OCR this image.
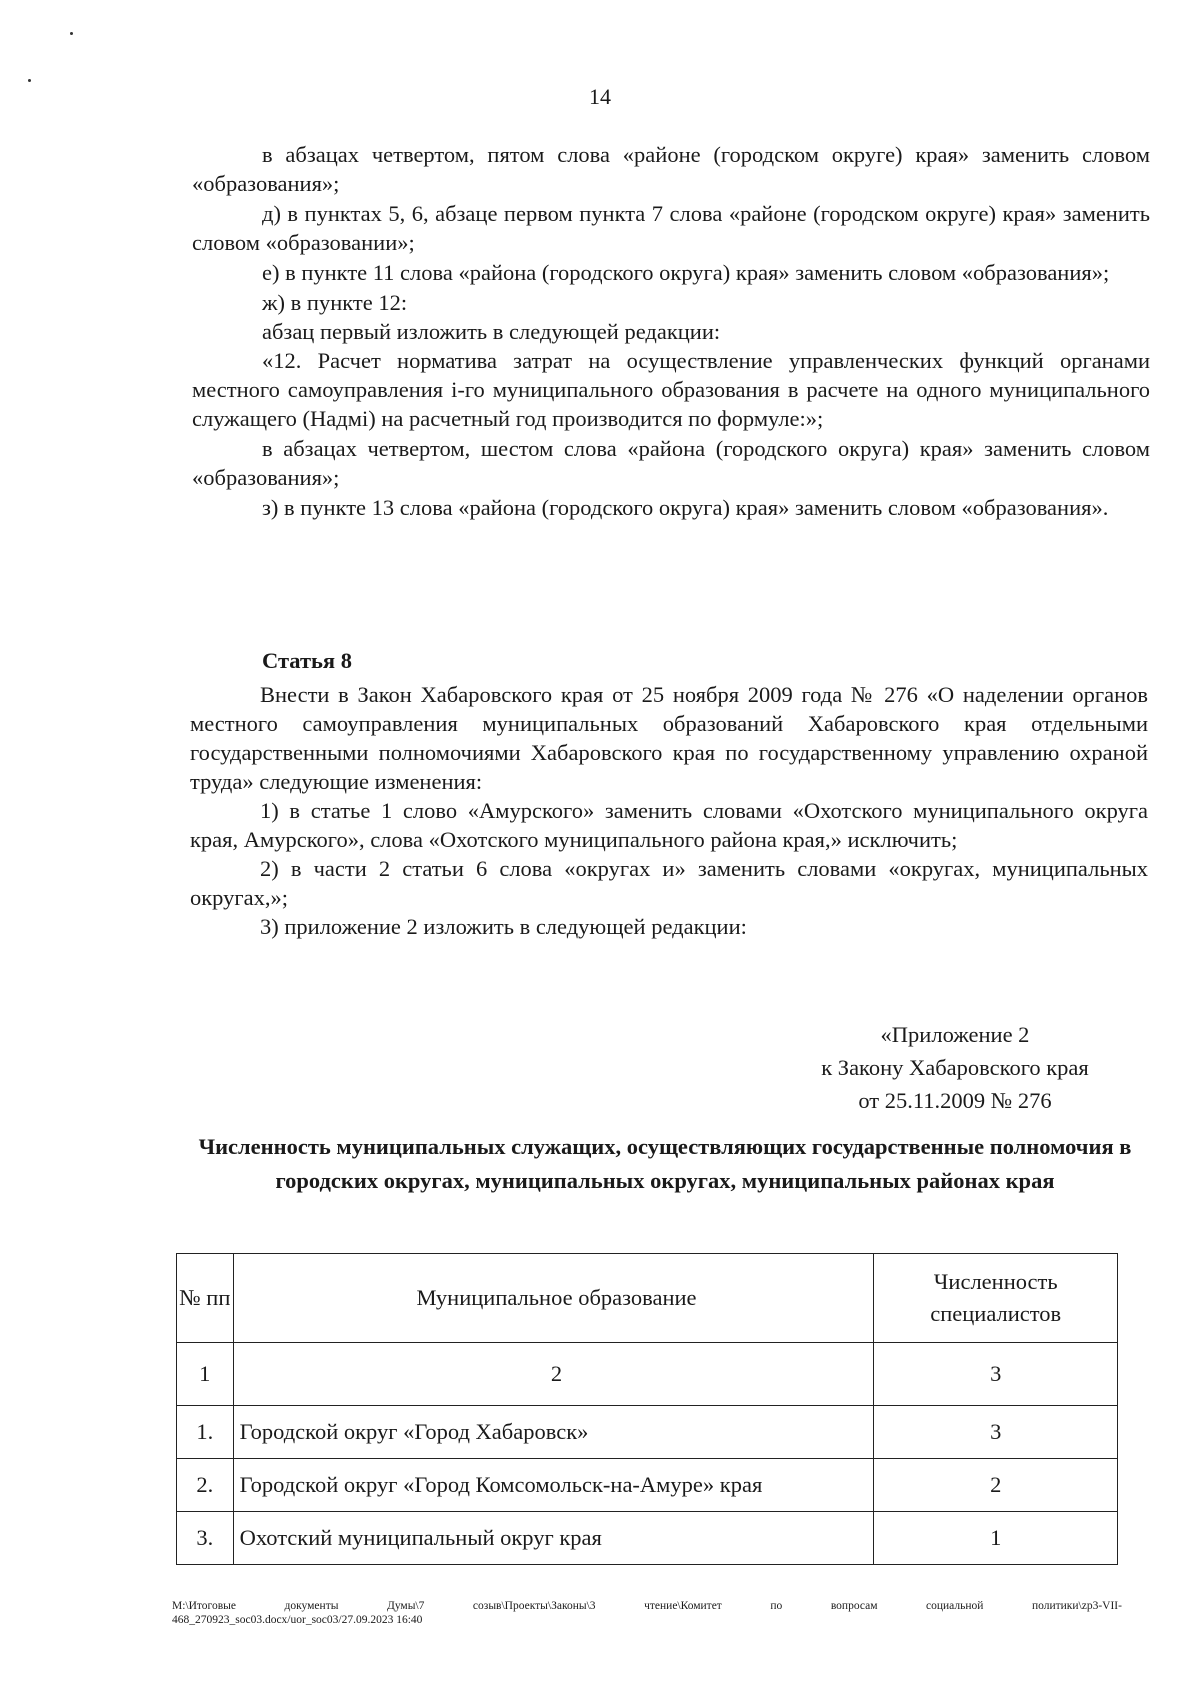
14

в абзацах четвертом, пятом слова «районе (городском округе) края» заменить словом «образования»;

д) в пунктах 5, 6, абзаце первом пункта 7 слова «районе (городском округе) края» заменить словом «образовании»;

е) в пункте 11 слова «района (городского округа) края» заменить словом «образования»;

ж) в пункте 12:

абзац первый изложить в следующей редакции:

«12. Расчет норматива затрат на осуществление управленческих функций органами местного самоуправления i-го муниципального образования в расчете на одного муниципального служащего (Надмi) на расчетный год производится по формуле:»;

в абзацах четвертом, шестом слова «района (городского округа) края» заменить словом «образования»;

з) в пункте 13 слова «района (городского округа) края» заменить словом «образования».

Статья 8

Внести в Закон Хабаровского края от 25 ноября 2009 года № 276 «О наделении органов местного самоуправления муниципальных образований Хабаровского края отдельными государственными полномочиями Хабаровского края по государственному управлению охраной труда» следующие изменения:

1) в статье 1 слово «Амурского» заменить словами «Охотского муниципального округа края, Амурского», слова «Охотского муниципального района края,» исключить;

2) в части 2 статьи 6 слова «округах и» заменить словами «округах, муниципальных округах,»;

3) приложение 2 изложить в следующей редакции:

«Приложение 2
к Закону Хабаровского края
от 25.11.2009 № 276
Численность муниципальных служащих, осуществляющих государственные полномочия в городских округах, муниципальных округах, муниципальных районах края
№ пп	Муниципальное образование	Численность специалистов
1	2	3
1.	Городской округ «Город Хабаровск»	3
2.	Городской округ «Город Комсомольск-на-Амуре» края	2
3.	Охотский муниципальный округ края	1
M:\Итоговые	документы	Думы\7	созыв\Проекты\Законы\3	чтение\Комитет	по	вопросам	социальной	политики\zp3-VII-
468_270923_soc03.docx/uor_soc03/27.09.2023 16:40
